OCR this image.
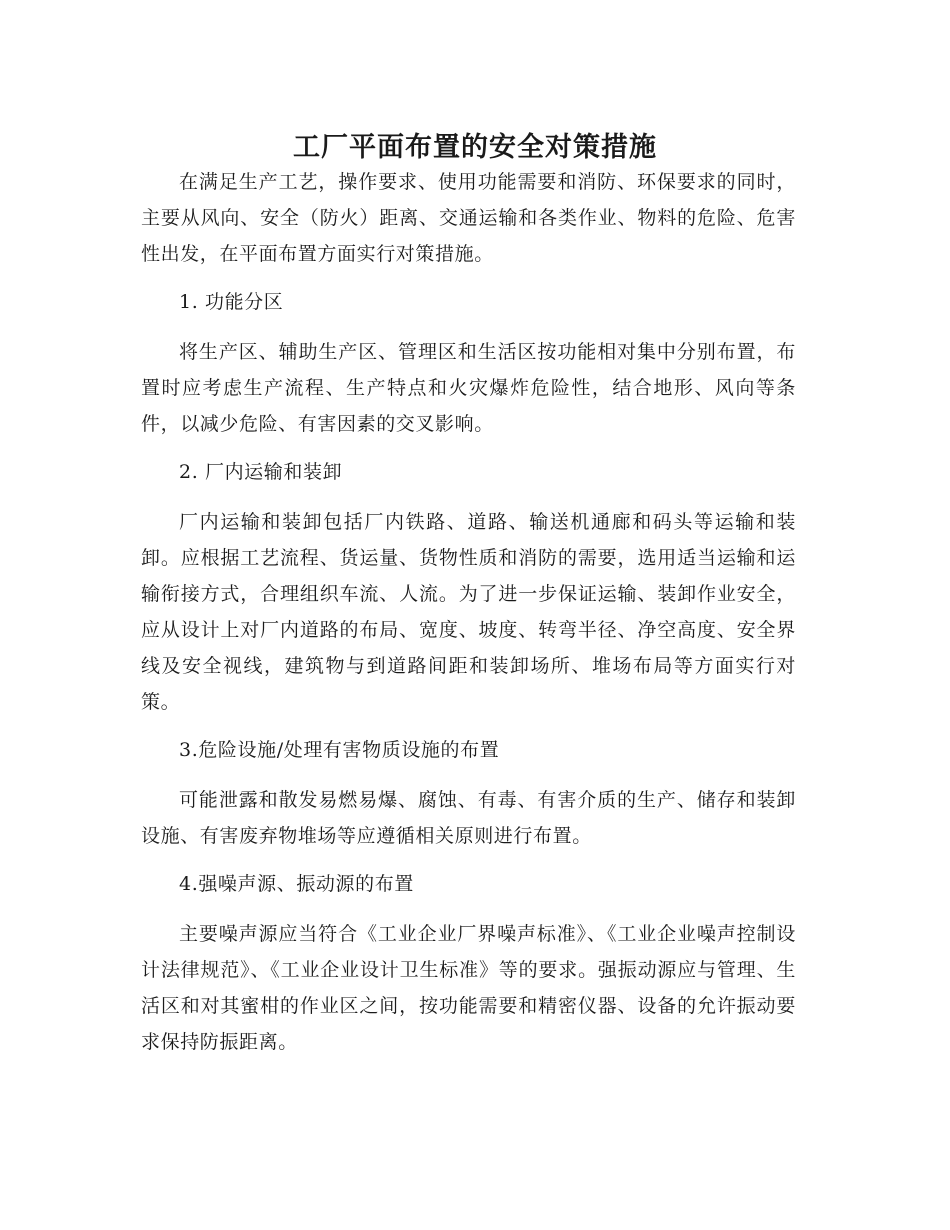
工厂平面布置的安全对策措施

在满足生产工艺，操作要求、使用功能需要和消防、环保要求的同时，主要从风向、安全（防火）距离、交通运输和各类作业、物料的危险、危害性出发，在平面布置方面实行对策措施。

1. 功能分区

将生产区、辅助生产区、管理区和生活区按功能相对集中分别布置，布置时应考虑生产流程、生产特点和火灾爆炸危险性，结合地形、风向等条件，以减少危险、有害因素的交叉影响。

2. 厂内运输和装卸

厂内运输和装卸包括厂内铁路、道路、输送机通廊和码头等运输和装卸。应根据工艺流程、货运量、货物性质和消防的需要，选用适当运输和运输衔接方式，合理组织车流、人流。为了进一步保证运输、装卸作业安全，应从设计上对厂内道路的布局、宽度、坡度、转弯半径、净空高度、安全界线及安全视线，建筑物与到道路间距和装卸场所、堆场布局等方面实行对策。

3.危险设施/处理有害物质设施的布置

可能泄露和散发易燃易爆、腐蚀、有毒、有害介质的生产、储存和装卸设施、有害废弃物堆场等应遵循相关原则进行布置。

4.强噪声源、振动源的布置

主要噪声源应当符合《工业企业厂界噪声标准》、《工业企业噪声控制设计法律规范》、《工业企业设计卫生标准》等的要求。强振动源应与管理、生活区和对其蜜柑的作业区之间，按功能需要和精密仪器、设备的允许振动要求保持防振距离。
